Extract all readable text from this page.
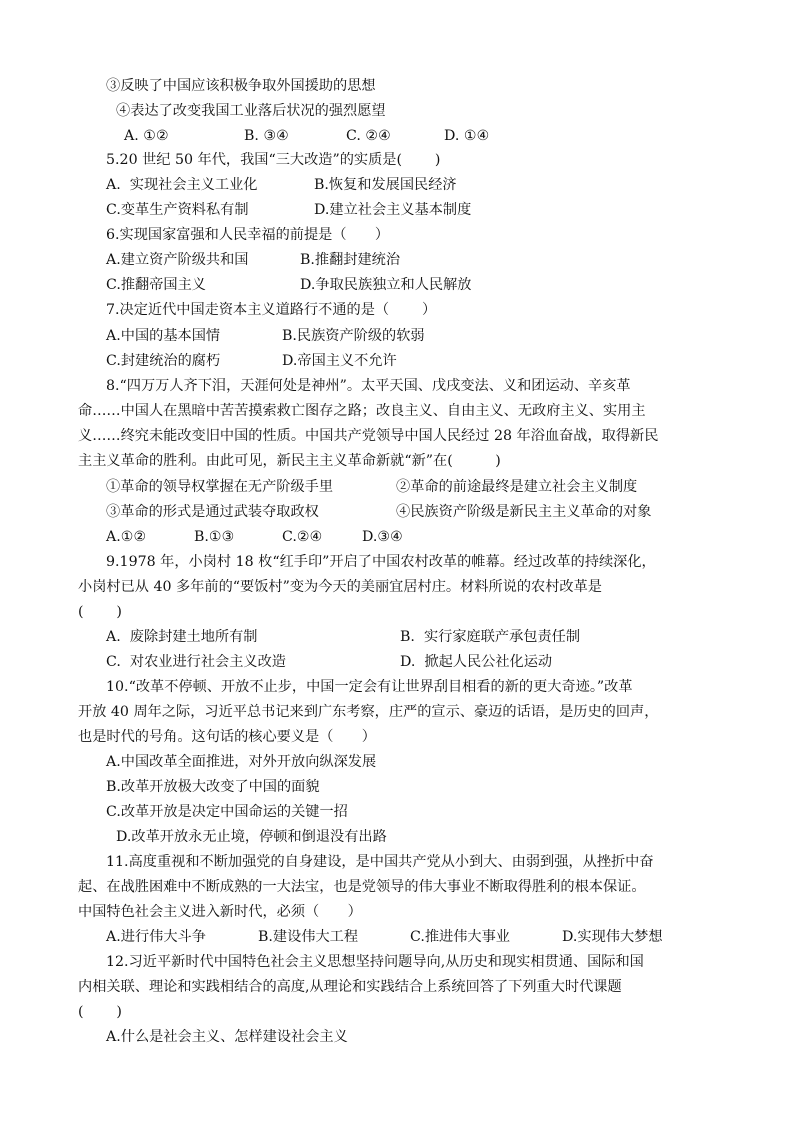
③反映了中国应该积极争取外国援助的思想
④表达了改变我国工业落后状况的强烈愿望
A. ①②	B. ③④	C. ②④	D. ①④
5.20 世纪 50 年代，我国“三大改造”的实质是(　　 )
A.  实现社会主义工业化	B.恢复和发展国民经济
C.变革生产资料私有制	D.建立社会主义基本制度
6.实现国家富强和人民幸福的前提是（　　）
A.建立资产阶级共和国	B.推翻封建统治
C.推翻帝国主义	D.争取民族独立和人民解放
7.决定近代中国走资本主义道路行不通的是（　　 ）
A.中国的基本国情	B.民族资产阶级的软弱
C.封建统治的腐朽	D.帝国主义不允许
8.“四万万人齐下泪，天涯何处是神州”。太平天国、戊戌变法、义和团运动、辛亥革
命……中国人在黑暗中苦苦摸索救亡图存之路；改良主义、自由主义、无政府主义、实用主
义……终究未能改变旧中国的性质。中国共产党领导中国人民经过 28 年浴血奋战，取得新民
主主义革命的胜利。由此可见，新民主主义革命新就“新”在(　　　)
①革命的领导权掌握在无产阶级手里	②革命的前途最终是建立社会主义制度
③革命的形式是通过武装夺取政权	④民族资产阶级是新民主主义革命的对象
A.①②	B.①③	C.②④	D.③④
9.1978 年，小岗村 18 枚“红手印”开启了中国农村改革的帷幕。经过改革的持续深化，
小岗村已从 40 多年前的“要饭村”变为今天的美丽宜居村庄。材料所说的农村改革是
(　　 )
A.  废除封建土地所有制	B.  实行家庭联产承包责任制
C.  对农业进行社会主义改造	D.  掀起人民公社化运动
10.“改革不停顿、开放不止步，中国一定会有让世界刮目相看的新的更大奇迹。”改革
开放 40 周年之际，习近平总书记来到广东考察，庄严的宣示、豪迈的话语，是历史的回声，
也是时代的号角。这句话的核心要义是（　　）
A.中国改革全面推进，对外开放向纵深发展
B.改革开放极大改变了中国的面貌
C.改革开放是决定中国命运的关键一招
D.改革开放永无止境，停顿和倒退没有出路
11.高度重视和不断加强党的自身建设，是中国共产党从小到大、由弱到强，从挫折中奋
起、在战胜困难中不断成熟的一大法宝，也是党领导的伟大事业不断取得胜利的根本保证。
中国特色社会主义进入新时代，必须（　　）
A.进行伟大斗争	B.建设伟大工程	C.推进伟大事业	D.实现伟大梦想
12.习近平新时代中国特色社会主义思想坚持问题导向,从历史和现实相贯通、国际和国
内相关联、理论和实践相结合的高度,从理论和实践结合上系统回答了下列重大时代课题
(　　 )
A.什么是社会主义、怎样建设社会主义
